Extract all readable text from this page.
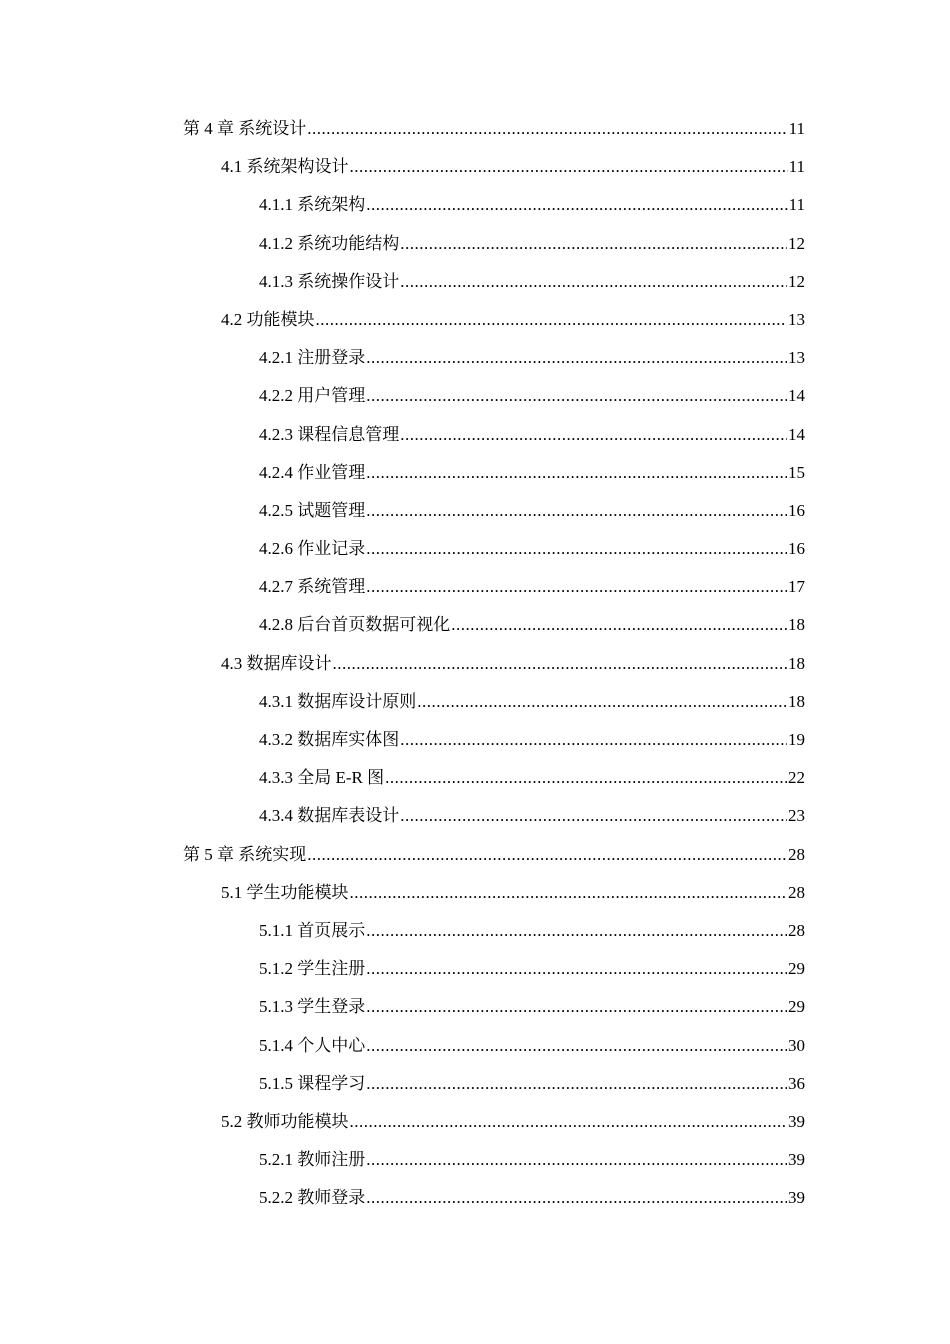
第 4 章 系统设计 .....	11
4.1 系统架构设计 .....	11
4.1.1 系统架构 .....	11
4.1.2 系统功能结构 .....	12
4.1.3 系统操作设计 .....	12
4.2 功能模块 .....	13
4.2.1 注册登录 .....	13
4.2.2 用户管理 .....	14
4.2.3 课程信息管理 .....	14
4.2.4 作业管理 .....	15
4.2.5 试题管理 .....	16
4.2.6 作业记录 .....	16
4.2.7 系统管理 .....	17
4.2.8 后台首页数据可视化 .....	18
4.3 数据库设计 .....	18
4.3.1 数据库设计原则 .....	18
4.3.2 数据库实体图 .....	19
4.3.3 全局 E-R 图 .....	22
4.3.4 数据库表设计 .....	23
第 5 章 系统实现 .....	28
5.1 学生功能模块 .....	28
5.1.1 首页展示 .....	28
5.1.2 学生注册 .....	29
5.1.3 学生登录 .....	29
5.1.4 个人中心 .....	30
5.1.5 课程学习 .....	36
5.2 教师功能模块 .....	39
5.2.1 教师注册 .....	39
5.2.2 教师登录 .....	39
